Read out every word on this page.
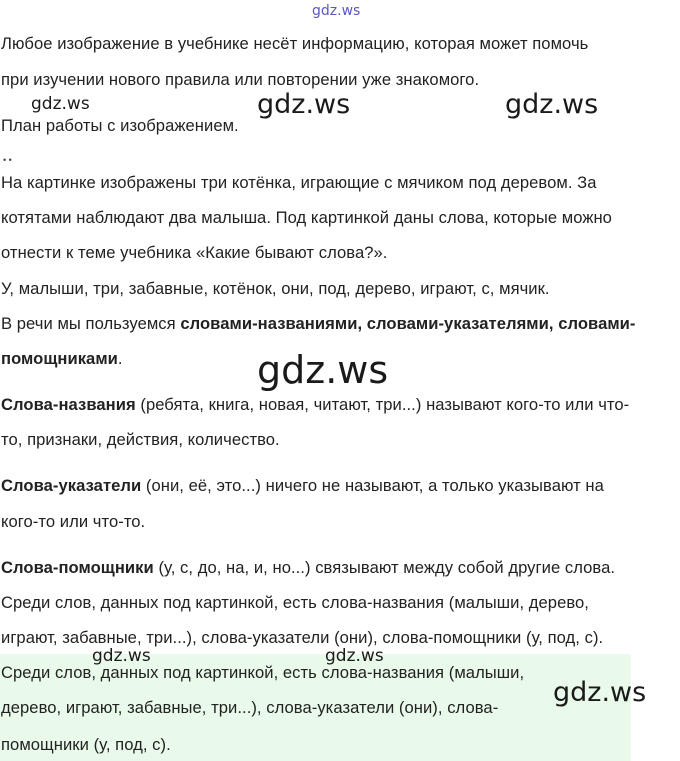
gdz.ws
Любое изображение в учебнике несёт информацию, которая может помочь
при изучении нового правила или повторении уже знакомого.
План работы с изображением.
• •
На картинке изображены три котёнка, играющие с мячиком под деревом. За
котятами наблюдают два малыша. Под картинкой даны слова, которые можно
отнести к теме учебника «Какие бывают слова?».
У, малыши, три, забавные, котёнок, они, под, дерево, играют, с, мячик.
В речи мы пользуемся словами-названиями, словами-указателями, словами-
помощниками.
Слова-названия (ребята, книга, новая, читают, три...) называют кого-то или что-
то, признаки, действия, количество.
Слова-указатели (они, её, это...) ничего не называют, а только указывают на
кого-то или что-то.
Слова-помощники (у, с, до, на, и, но...) связывают между собой другие слова.
Среди слов, данных под картинкой, есть слова-названия (малыши, дерево,
играют, забавные, три...), слова-указатели (они), слова-помощники (у, под, с).
Среди слов, данных под картинкой, есть слова-названия (малыши,
дерево, играют, забавные, три...), слова-указатели (они), слова-
помощники (у, под, с).
gdz.ws	gdz.ws	gdz.ws
gdz.ws
gdz.ws	gdz.ws
gdz.ws
